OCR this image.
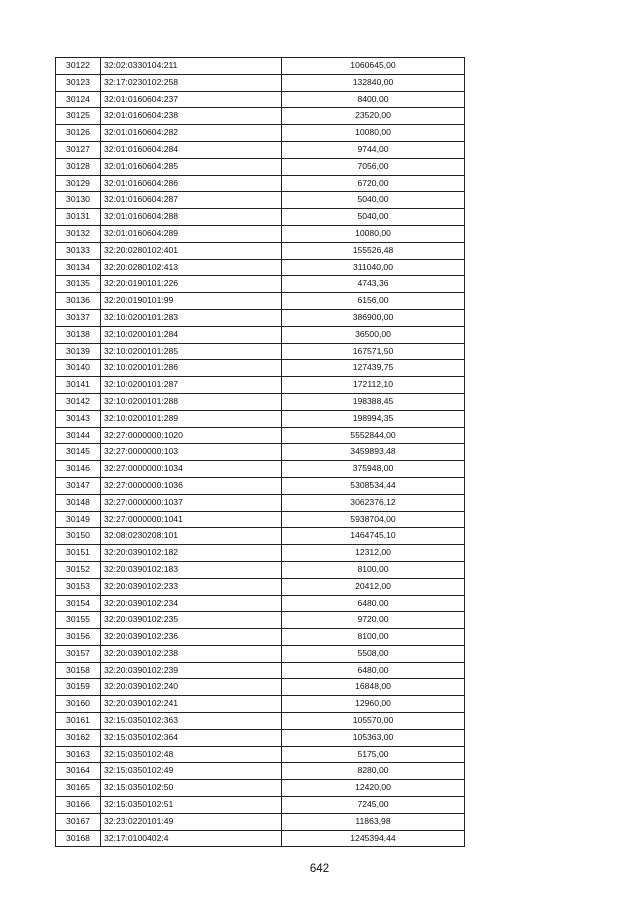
30122	32:02:0330104:211	1060645,00
30123	32:17:0230102:258	132840,00
30124	32:01:0160604:237	8400,00
30125	32:01:0160604:238	23520,00
30126	32:01:0160604:282	10080,00
30127	32:01:0160604:284	9744,00
30128	32:01:0160604:285	7056,00
30129	32:01:0160604:286	6720,00
30130	32:01:0160604:287	5040,00
30131	32:01:0160604:288	5040,00
30132	32:01:0160604:289	10080,00
30133	32:20:0280102:401	155526,48
30134	32:20:0280102:413	311040,00
30135	32:20:0190101:226	4743,36
30136	32:20:0190101:99	6156,00
30137	32:10:0200101:283	386900,00
30138	32:10:0200101:284	36500,00
30139	32:10:0200101:285	167571,50
30140	32:10:0200101:286	127439,75
30141	32:10:0200101:287	172112,10
30142	32:10:0200101:288	198388,45
30143	32:10:0200101:289	198994,35
30144	32:27:0000000:1020	5552844,00
30145	32:27:0000000:103	3459893,48
30146	32:27:0000000:1034	375948,00
30147	32:27:0000000:1036	5308534,44
30148	32:27:0000000:1037	3062376,12
30149	32:27:0000000:1041	5938704,00
30150	32:08:0230208:101	1464745,10
30151	32:20:0390102:182	12312,00
30152	32:20:0390102:183	8100,00
30153	32:20:0390102:233	20412,00
30154	32:20:0390102:234	6480,00
30155	32:20:0390102:235	9720,00
30156	32:20:0390102:236	8100,00
30157	32:20:0390102:238	5508,00
30158	32:20:0390102:239	6480,00
30159	32:20:0390102:240	16848,00
30160	32:20:0390102:241	12960,00
30161	32:15:0350102:363	105570,00
30162	32:15:0350102:364	105363,00
30163	32:15:0350102:48	5175,00
30164	32:15:0350102:49	8280,00
30165	32:15:0350102:50	12420,00
30166	32:15:0350102:51	7245,00
30167	32:23:0220101:49	11863,98
30168	32:17:0100402:4	1245394,44
642
